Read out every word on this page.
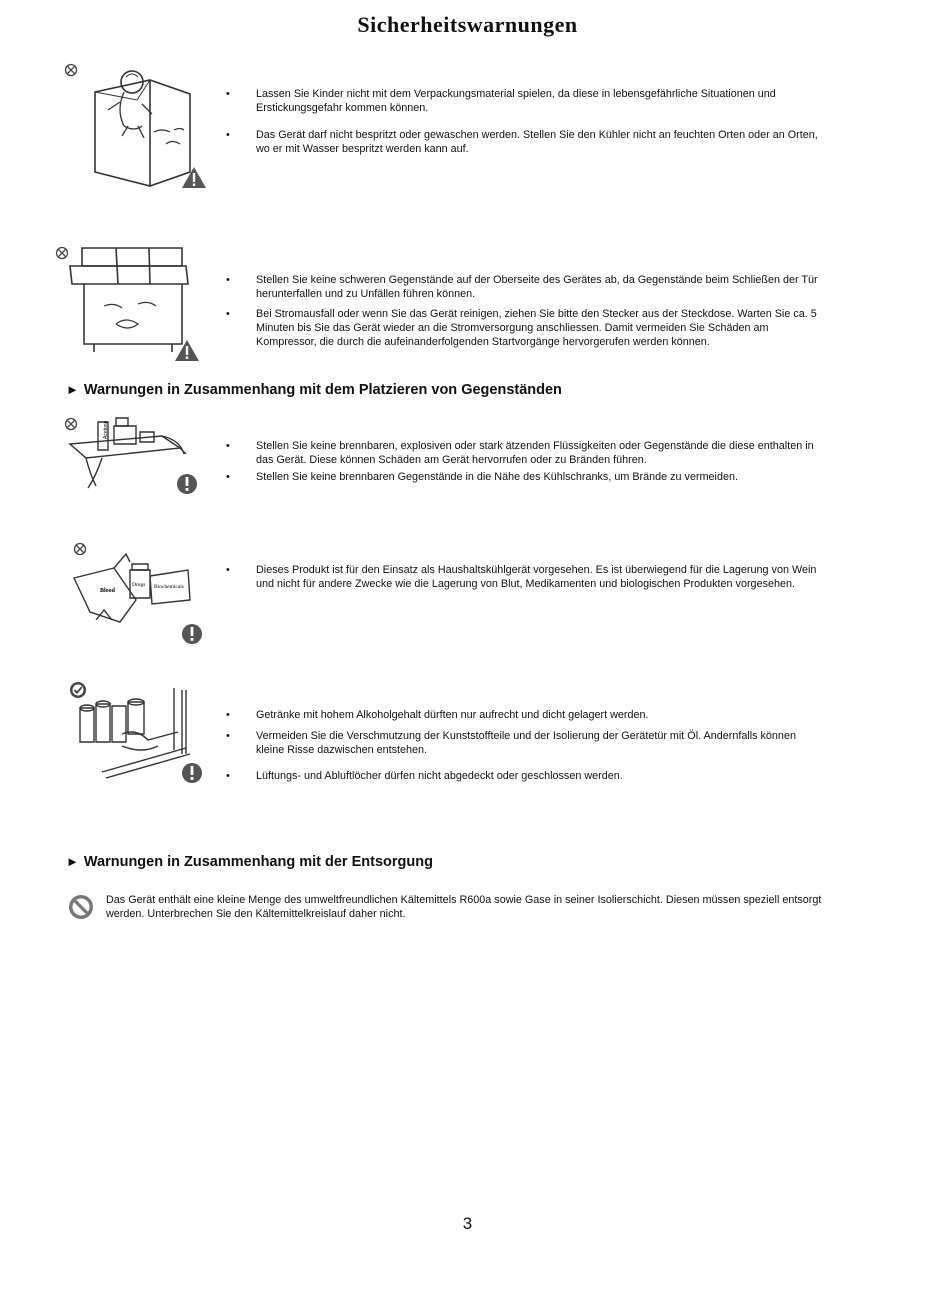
Sicherheitswarnungen
• Lassen Sie Kinder nicht mit dem Verpackungsmaterial spielen, da diese in lebensgefährliche Situationen und Erstickungsgefahr kommen können.
• Das Gerät darf nicht bespritzt oder gewaschen werden. Stellen Sie den Kühler nicht an feuchten Orten oder an Orten, wo er mit Wasser bespritzt werden kann auf.
• Stellen Sie keine schweren Gegenstände auf der Oberseite des Gerätes ab, da Gegenstände beim Schließen der Tür herunterfallen und zu Unfällen führen können.
• Bei Stromausfall oder wenn Sie das Gerät reinigen, ziehen Sie bitte den Stecker aus der Steckdose. Warten Sie ca. 5 Minuten bis Sie das Gerät wieder an die Stromversorgung anschliessen. Damit vermeiden Sie Schäden am Kompressor, die durch die aufeinanderfolgenden Startvorgänge hervorgerufen werden können.
► Warnungen in Zusammenhang mit dem Platzieren von Gegenständen
Acetone
• Stellen Sie keine brennbaren, explosiven oder stark ätzenden Flüssigkeiten oder Gegenstände die diese enthalten in das Gerät. Diese können Schäden am Gerät hervorrufen oder zu Bränden führen.
• Stellen Sie keine brennbaren Gegenstände in die Nähe des Kühlschranks, um Brände zu vermeiden.
Blood
Drugs Biochemicals
• Dieses Produkt ist für den Einsatz als Haushaltskühlgerät vorgesehen. Es ist überwiegend für die Lagerung von Wein und nicht für andere Zwecke wie die Lagerung von Blut, Medikamenten und biologischen Produkten vorgesehen.
• Getränke mit hohem Alkoholgehalt dürften nur aufrecht und dicht gelagert werden.
• Vermeiden Sie die Verschmutzung der Kunststoffteile und der Isolierung der Gerätetür mit Öl. Andernfalls können kleine Risse dazwischen entstehen.
• Lüftungs- und Abluftlöcher dürfen nicht abgedeckt oder geschlossen werden.
► Warnungen in Zusammenhang mit der Entsorgung
Das Gerät enthält eine kleine Menge des umweltfreundlichen Kältemittels R600a sowie Gase in seiner Isolierschicht. Diesen müssen speziell entsorgt werden. Unterbrechen Sie den Kältemittelkreislauf daher nicht.
3
